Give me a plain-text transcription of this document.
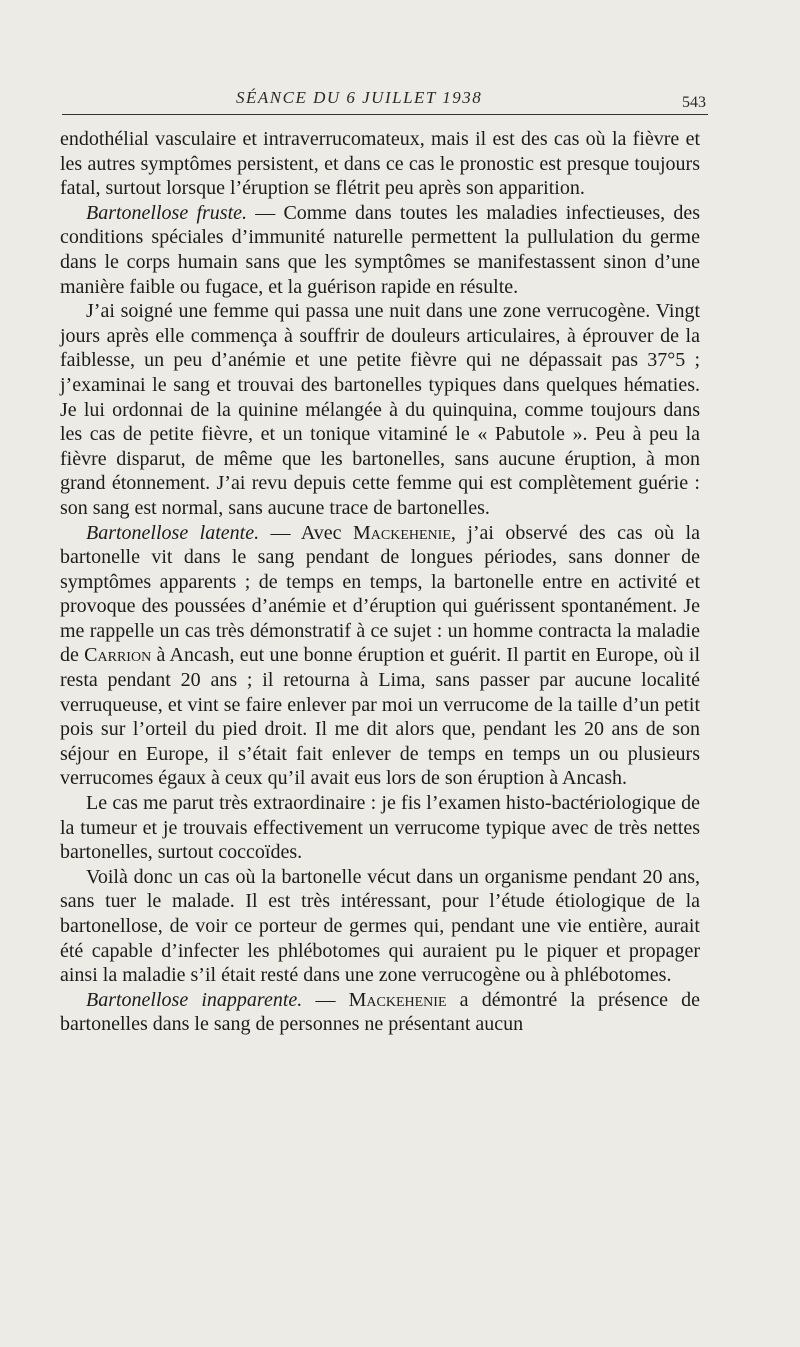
SÉANCE DU 6 JUILLET 1938	543

endothélial vasculaire et intraverrucomateux, mais il est des cas où la fièvre et les autres symptômes persistent, et dans ce cas le pronostic est presque toujours fatal, surtout lorsque l’éruption se flétrit peu après son apparition.

Bartonellose fruste. — Comme dans toutes les maladies infectieuses, des conditions spéciales d’immunité naturelle permettent la pullulation du germe dans le corps humain sans que les symptômes se manifestassent sinon d’une manière faible ou fugace, et la guérison rapide en résulte.

J’ai soigné une femme qui passa une nuit dans une zone verrucogène. Vingt jours après elle commença à souffrir de douleurs articulaires, à éprouver de la faiblesse, un peu d’anémie et une petite fièvre qui ne dépassait pas 37°5 ; j’examinai le sang et trouvai des bartonelles typiques dans quelques hématies. Je lui ordonnai de la quinine mélangée à du quinquina, comme toujours dans les cas de petite fièvre, et un tonique vitaminé le « Pabutole ». Peu à peu la fièvre disparut, de même que les bartonelles, sans aucune éruption, à mon grand étonnement. J’ai revu depuis cette femme qui est complètement guérie : son sang est normal, sans aucune trace de bartonelles.

Bartonellose latente. — Avec Mackehenie, j’ai observé des cas où la bartonelle vit dans le sang pendant de longues périodes, sans donner de symptômes apparents ; de temps en temps, la bartonelle entre en activité et provoque des poussées d’anémie et d’éruption qui guérissent spontanément. Je me rappelle un cas très démonstratif à ce sujet : un homme contracta la maladie de Carrion à Ancash, eut une bonne éruption et guérit. Il partit en Europe, où il resta pendant 20 ans ; il retourna à Lima, sans passer par aucune localité verruqueuse, et vint se faire enlever par moi un verrucome de la taille d’un petit pois sur l’orteil du pied droit. Il me dit alors que, pendant les 20 ans de son séjour en Europe, il s’était fait enlever de temps en temps un ou plusieurs verrucomes égaux à ceux qu’il avait eus lors de son éruption à Ancash.

Le cas me parut très extraordinaire : je fis l’examen histo-bactériologique de la tumeur et je trouvais effectivement un verrucome typique avec de très nettes bartonelles, surtout coccoïdes.

Voilà donc un cas où la bartonelle vécut dans un organisme pendant 20 ans, sans tuer le malade. Il est très intéressant, pour l’étude étiologique de la bartonellose, de voir ce porteur de germes qui, pendant une vie entière, aurait été capable d’infecter les phlébotomes qui auraient pu le piquer et propager ainsi la maladie s’il était resté dans une zone verrucogène ou à phlébotomes.

Bartonellose inapparente. — Mackehenie a démontré la présence de bartonelles dans le sang de personnes ne présentant aucun
